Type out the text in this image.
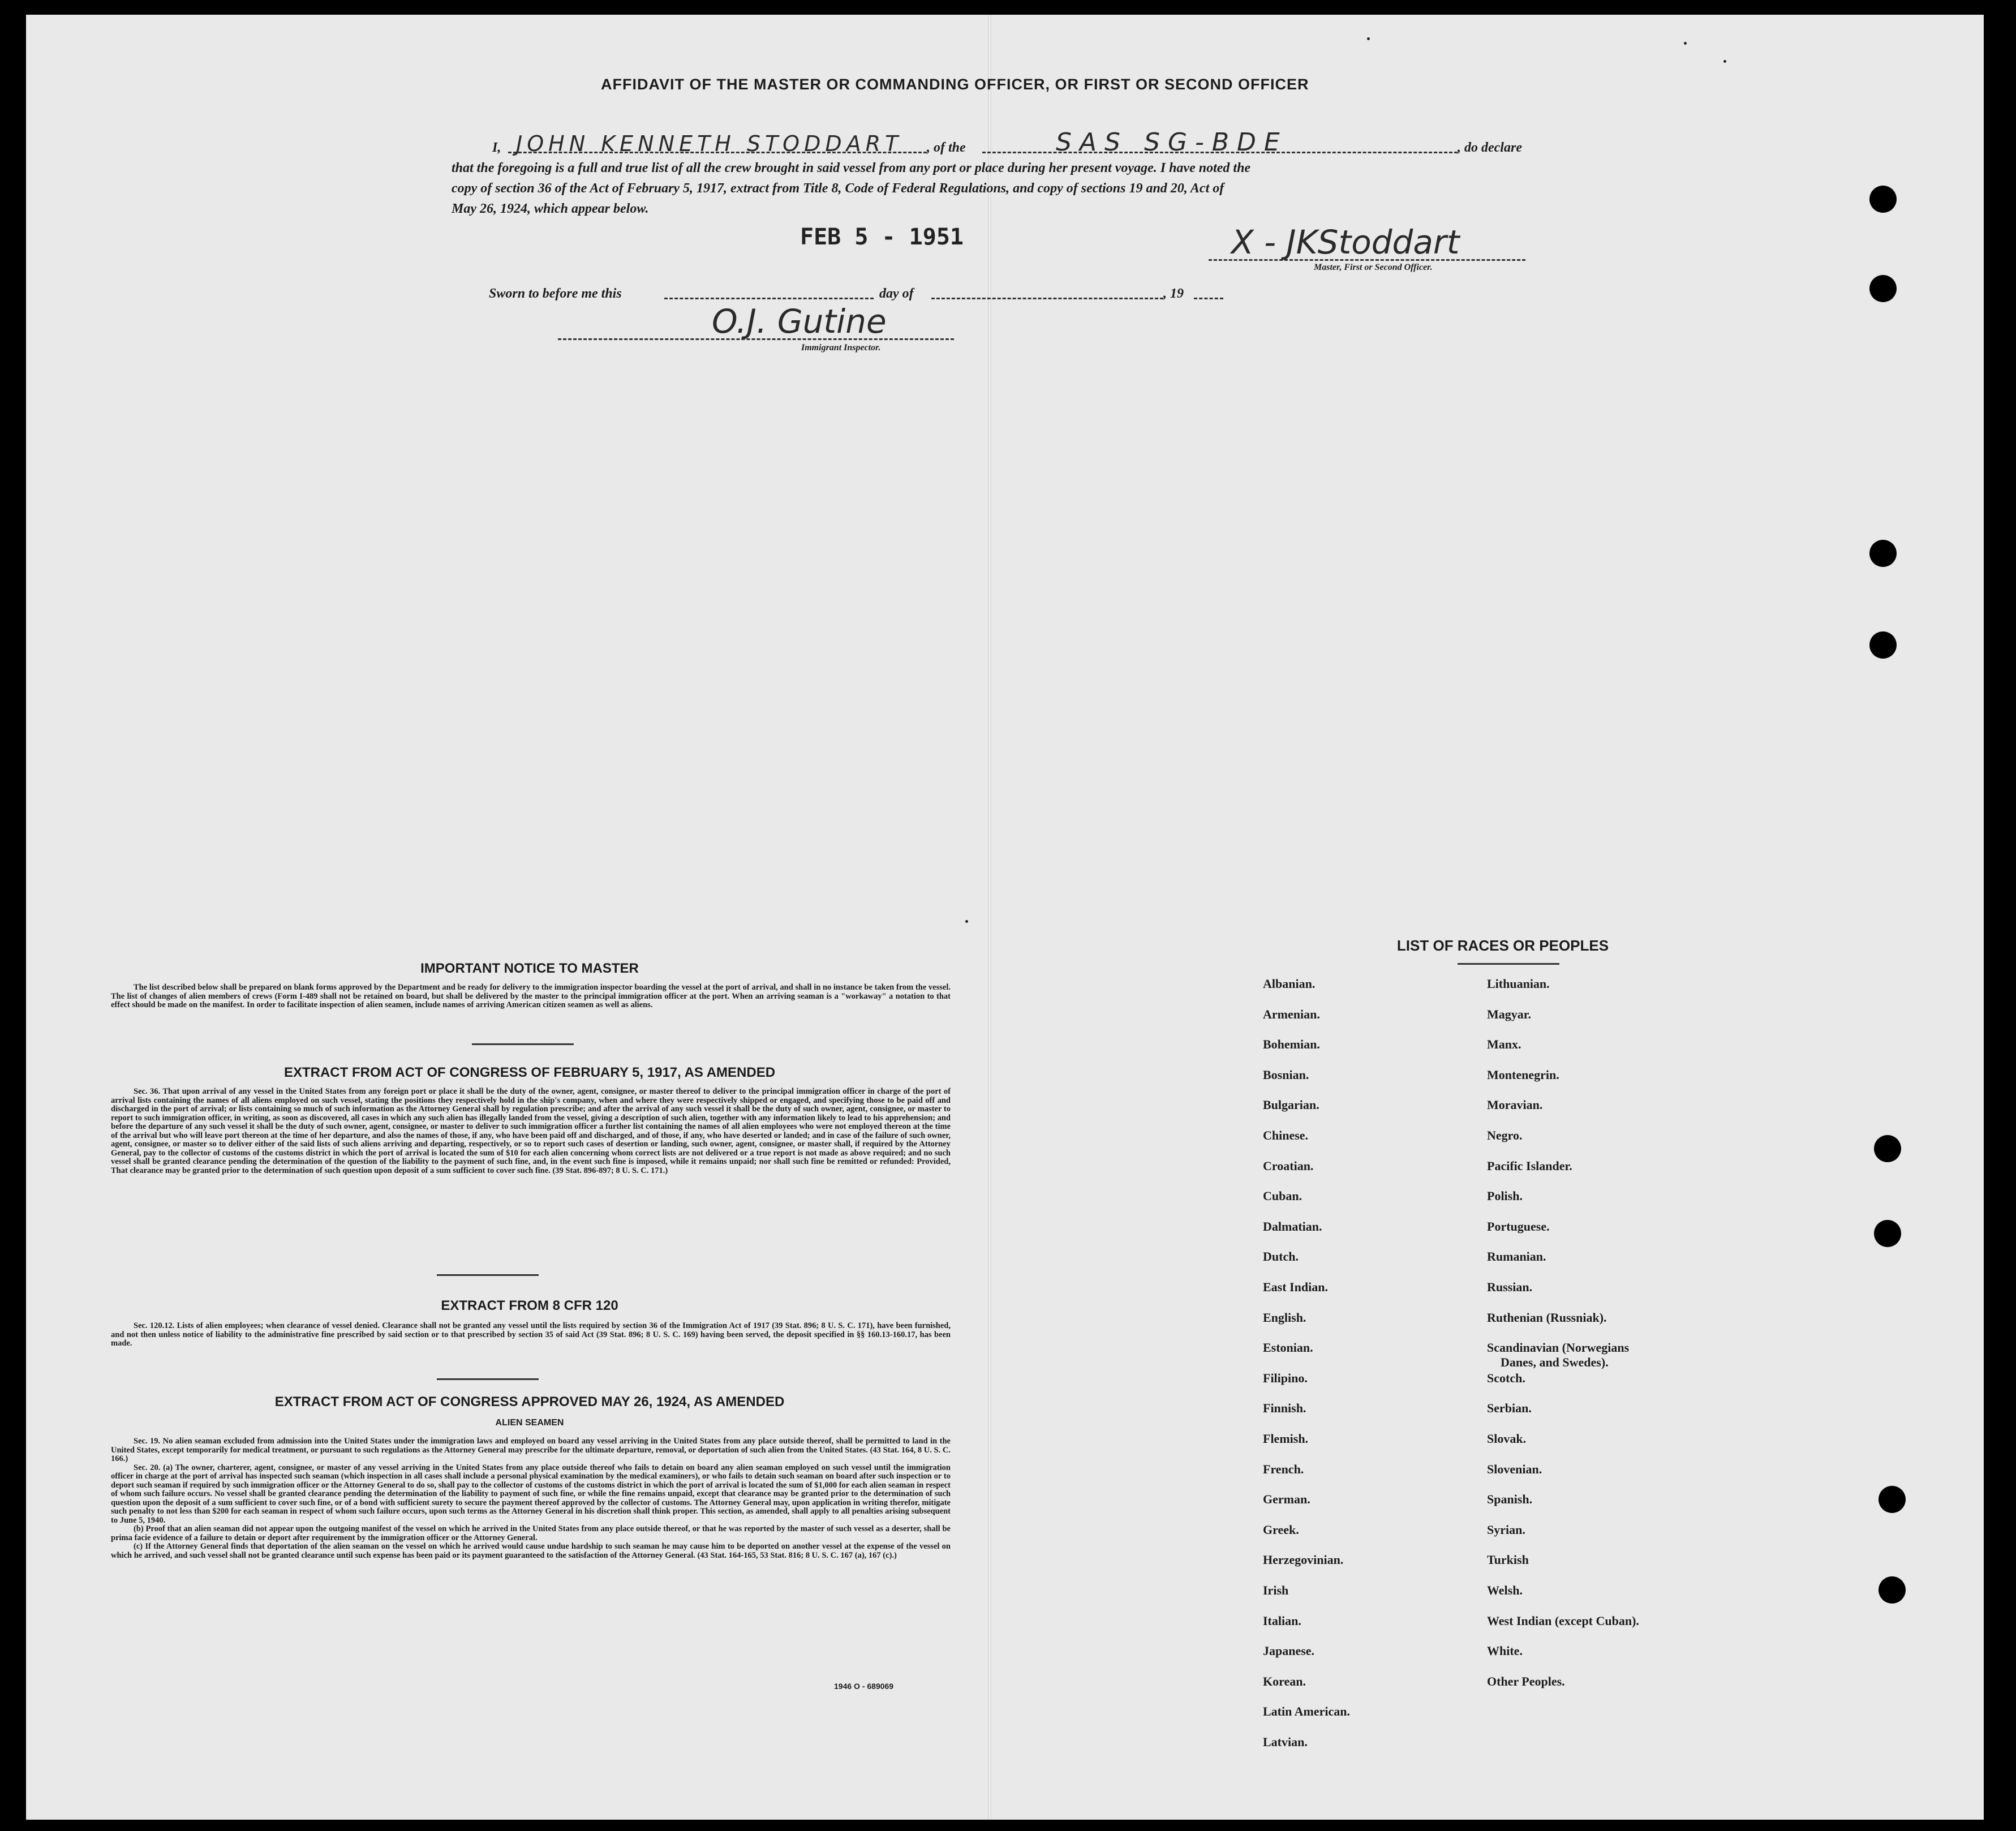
AFFIDAVIT OF THE MASTER OR COMMANDING OFFICER, OR FIRST OR SECOND OFFICER
I, JOHN KENNETH STODDART , of the	SAS SG-BDE	, do declare
that the foregoing is a full and true list of all the crew brought in said vessel from any port or place during her present voyage. I have noted the
copy of section 36 of the Act of February 5, 1917, extract from Title 8, Code of Federal Regulations, and copy of sections 19 and 20, Act of
May 26, 1924, which appear below.
FEB 5 - 1951	X - JKStoddart
Master, First or Second Officer.
Sworn to before me this	day of	, 19
O.J. Gutine
Immigrant Inspector.
IMPORTANT NOTICE TO MASTER

The list described below shall be prepared on blank forms approved by the Department and be ready for delivery to the immigration inspector boarding the vessel at the port of arrival, and shall in no instance be taken from the vessel. The list of changes of alien members of crews (Form I-489 shall not be retained on board, but shall be delivered by the master to the principal immigration officer at the port. When an arriving seaman is a "workaway" a notation to that effect should be made on the manifest. In order to facilitate inspection of alien seamen, include names of arriving American citizen seamen as well as aliens.

EXTRACT FROM ACT OF CONGRESS OF FEBRUARY 5, 1917, AS AMENDED

Sec. 36. That upon arrival of any vessel in the United States from any foreign port or place it shall be the duty of the owner, agent, consignee, or master thereof to deliver to the principal immigration officer in charge of the port of arrival lists containing the names of all aliens employed on such vessel, stating the positions they respectively hold in the ship's company, when and where they were respectively shipped or engaged, and specifying those to be paid off and discharged in the port of arrival; or lists containing so much of such information as the Attorney General shall by regulation prescribe; and after the arrival of any such vessel it shall be the duty of such owner, agent, consignee, or master to report to such immigration officer, in writing, as soon as discovered, all cases in which any such alien has illegally landed from the vessel, giving a description of such alien, together with any information likely to lead to his apprehension; and before the departure of any such vessel it shall be the duty of such owner, agent, consignee, or master to deliver to such immigration officer a further list containing the names of all alien employees who were not employed thereon at the time of the arrival but who will leave port thereon at the time of her departure, and also the names of those, if any, who have been paid off and discharged, and of those, if any, who have deserted or landed; and in case of the failure of such owner, agent, consignee, or master so to deliver either of the said lists of such aliens arriving and departing, respectively, or so to report such cases of desertion or landing, such owner, agent, consignee, or master shall, if required by the Attorney General, pay to the collector of customs of the customs district in which the port of arrival is located the sum of $10 for each alien concerning whom correct lists are not delivered or a true report is not made as above required; and no such vessel shall be granted clearance pending the determination of the question of the liability to the payment of such fine, and, in the event such fine is imposed, while it remains unpaid; nor shall such fine be remitted or refunded: Provided, That clearance may be granted prior to the determination of such question upon deposit of a sum sufficient to cover such fine. (39 Stat. 896-897; 8 U. S. C. 171.)

EXTRACT FROM 8 CFR 120

Sec. 120.12. Lists of alien employees; when clearance of vessel denied. Clearance shall not be granted any vessel until the lists required by section 36 of the Immigration Act of 1917 (39 Stat. 896; 8 U. S. C. 171), have been furnished, and not then unless notice of liability to the administrative fine prescribed by said section or to that prescribed by section 35 of said Act (39 Stat. 896; 8 U. S. C. 169) having been served, the deposit specified in §§ 160.13-160.17, has been made.

EXTRACT FROM ACT OF CONGRESS APPROVED MAY 26, 1924, AS AMENDED
ALIEN SEAMEN

Sec. 19. No alien seaman excluded from admission into the United States under the immigration laws and employed on board any vessel arriving in the United States from any place outside thereof, shall be permitted to land in the United States, except temporarily for medical treatment, or pursuant to such regulations as the Attorney General may prescribe for the ultimate departure, removal, or deportation of such alien from the United States. (43 Stat. 164, 8 U. S. C. 166.)

Sec. 20. (a) The owner, charterer, agent, consignee, or master of any vessel arriving in the United States from any place outside thereof who fails to detain on board any alien seaman employed on such vessel until the immigration officer in charge at the port of arrival has inspected such seaman (which inspection in all cases shall include a personal physical examination by the medical examiners), or who fails to detain such seaman on board after such inspection or to deport such seaman if required by such immigration officer or the Attorney General to do so, shall pay to the collector of customs of the customs district in which the port of arrival is located the sum of $1,000 for each alien seaman in respect of whom such failure occurs. No vessel shall be granted clearance pending the determination of the liability to payment of such fine, or while the fine remains unpaid, except that clearance may be granted prior to the determination of such question upon the deposit of a sum sufficient to cover such fine, or of a bond with sufficient surety to secure the payment thereof approved by the collector of customs. The Attorney General may, upon application in writing therefor, mitigate such penalty to not less than $200 for each seaman in respect of whom such failure occurs, upon such terms as the Attorney General in his discretion shall think proper. This section, as amended, shall apply to all penalties arising subsequent to June 5, 1940.

(b) Proof that an alien seaman did not appear upon the outgoing manifest of the vessel on which he arrived in the United States from any place outside thereof, or that he was reported by the master of such vessel as a deserter, shall be prima facie evidence of a failure to detain or deport after requirement by the immigration officer or the Attorney General.

(c) If the Attorney General finds that deportation of the alien seaman on the vessel on which he arrived would cause undue hardship to such seaman he may cause him to be deported on another vessel at the expense of the vessel on which he arrived, and such vessel shall not be granted clearance until such expense has been paid or its payment guaranteed to the satisfaction of the Attorney General. (43 Stat. 164-165, 53 Stat. 816; 8 U. S. C. 167 (a), 167 (c).)

1946 O - 689069
LIST OF RACES OR PEOPLES
Albanian.
Armenian.
Bohemian.
Bosnian.
Bulgarian.
Chinese.
Croatian.
Cuban.
Dalmatian.
Dutch.
East Indian.
English.
Estonian.
Filipino.
Finnish.
Flemish.
French.
German.
Greek.
Herzegovinian.
Irish
Italian.
Japanese.
Korean.
Latin American.
Latvian.
Lithuanian.
Magyar.
Manx.
Montenegrin.
Moravian.
Negro.
Pacific Islander.
Polish.
Portuguese.
Rumanian.
Russian.
Ruthenian (Russniak).
Scandinavian (Norwegians
Danes, and Swedes).
Scotch.
Serbian.
Slovak.
Slovenian.
Spanish.
Syrian.
Turkish
Welsh.
West Indian (except Cuban).
White.
Other Peoples.
